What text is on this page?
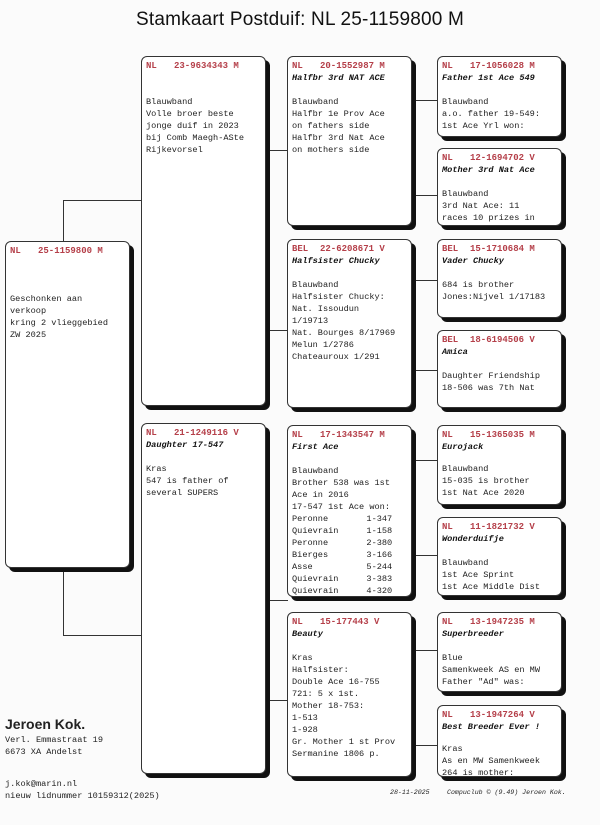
Stamkaart Postduif: NL 25-1159800 M
NL	25-1159800 M
Geschonken aan
verkoop
kring 2 vlieggebied
ZW 2025
NL	23-9634343 M
Blauwband
Volle broer beste
jonge duif in 2023
bij Comb Maegh-ASte
Rijkevorsel
NL	21-1249116 V
Daughter 17-547
Kras
547 is father of
several SUPERS
NL	20-1552987 M
Halfbr 3rd NAT ACE
Blauwband
Halfbr 1e Prov Ace
on fathers side
Halfbr 3rd Nat Ace
on mothers side
BEL	22-6208671 V
Halfsister Chucky
Blauwband
Halfsister Chucky:
Nat. Issoudun
1/19713
Nat. Bourges 8/17969
Melun 1/2786
Chateauroux 1/291
NL	17-1343547 M
First Ace
Blauwband
Brother 538 was 1st
Ace in 2016
17-547 1st Ace won:
Peronne	1-347
Quievrain	1-158
Peronne	2-380
Bierges	3-166
Asse	5-244
Quievrain	3-383
Quievrain	4-320
NL	15-177443 V
Beauty
Kras
Halfsister:
Double Ace 16-755
721: 5 x 1st.
Mother 18-753:
1-513
1-928
Gr. Mother 1 st Prov
Sermanine 1806 p.
NL	17-1056028 M
Father 1st Ace 549
Blauwband
a.o. father 19-549:
1st Ace Yrl won:
NL	12-1694702 V
Mother 3rd Nat Ace
Blauwband
3rd Nat Ace: 11
races 10 prizes in
BEL	15-1710684 M
Vader Chucky
684 is brother
Jones:Nijvel 1/17183
BEL	18-6194506 V
Amica
Daughter Friendship
18-506 was 7th Nat
NL	15-1365035 M
Eurojack
Blauwband
15-035 is brother
1st Nat Ace 2020
NL	11-1821732 V
Wonderduifje
Blauwband
1st Ace Sprint
1st Ace Middle Dist
NL	13-1947235 M
Superbreeder
Blue
Samenkweek AS en MW
Father "Ad" was:
NL	13-1947264 V
Best Breeder Ever !
Kras
As en MW Samenkweek
264 is mother:
Jeroen Kok.
Verl. Emmastraat 19
6673 XA Andelst
j.kok@marin.nl
nieuw lidnummer 10159312(2025)	28-11-2025	Compuclub © (9.49) Jeroen Kok.
